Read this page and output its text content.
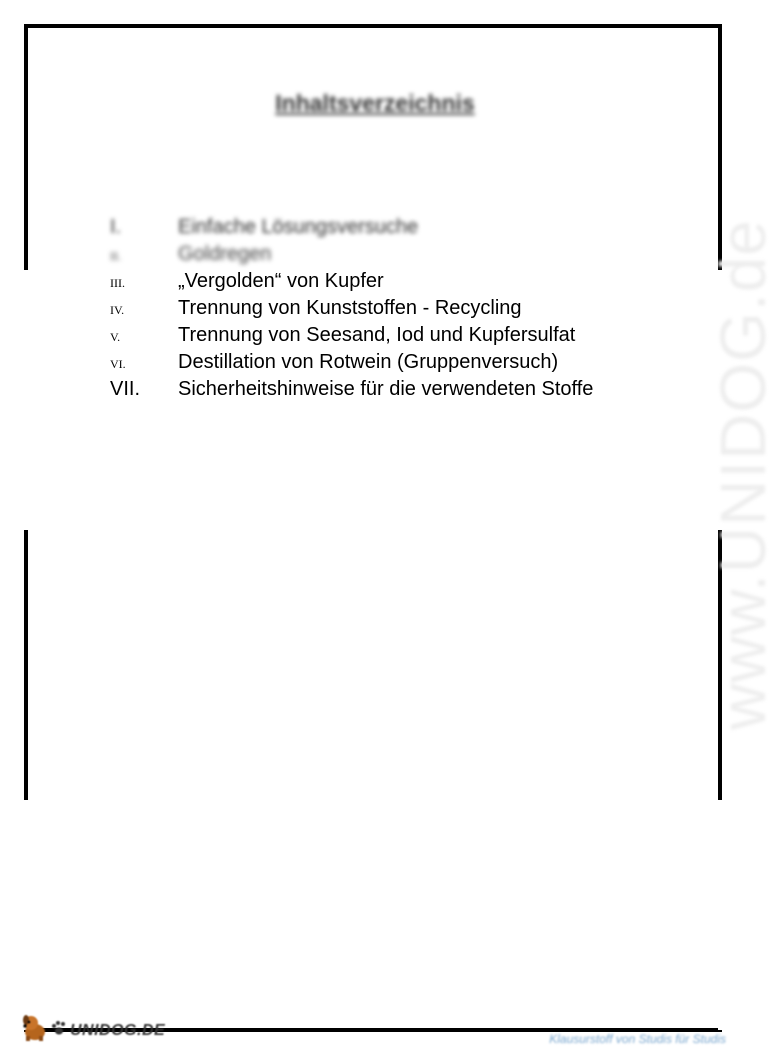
www.UNIDOG.de
Inhaltsverzeichnis
I.	Einfache Lösungsversuche
II.	Goldregen
III.	„Vergolden“ von Kupfer
IV.	Trennung von Kunststoffen - Recycling
V.	Trennung von Seesand, Iod und Kupfersulfat
VI.	Destillation von Rotwein (Gruppenversuch)
VII. Sicherheitshinweise für die verwendeten Stoffe
UNIDOG.DE
Klausurstoff von Studis für Studis
